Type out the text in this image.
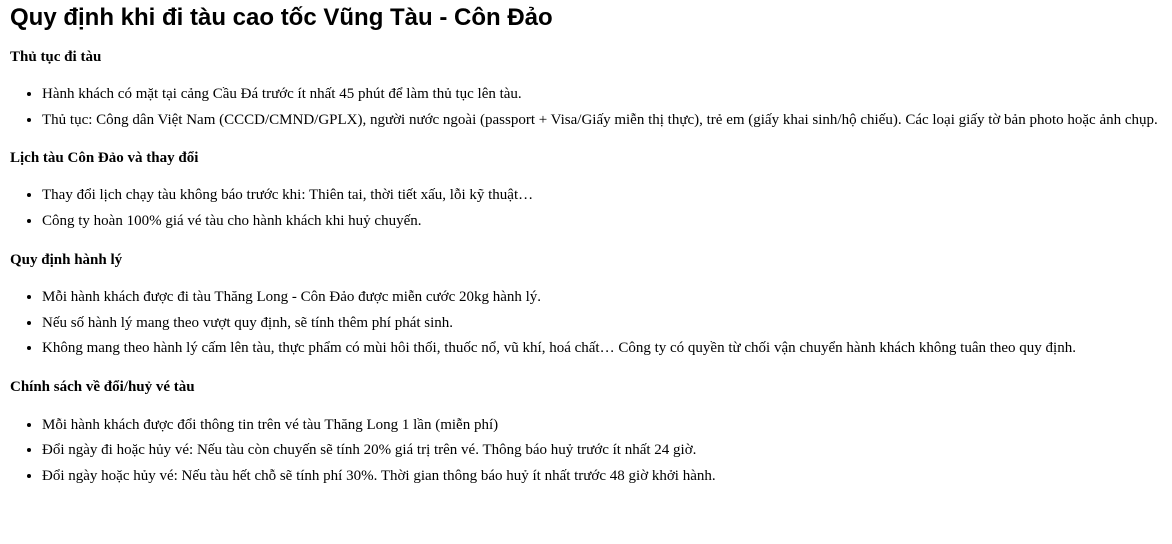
Quy định khi đi tàu cao tốc Vũng Tàu - Côn Đảo
Thủ tục đi tàu
• Hành khách có mặt tại cảng Cầu Đá trước ít nhất 45 phút để làm thủ tục lên tàu.
• Thủ tục: Công dân Việt Nam (CCCD/CMND/GPLX), người nước ngoài (passport + Visa/Giấy miễn thị thực), trẻ em (giấy khai sinh/hộ chiếu). Các loại giấy tờ bản photo hoặc ảnh chụp.
Lịch tàu Côn Đảo và thay đổi
• Thay đổi lịch chạy tàu không báo trước khi: Thiên tai, thời tiết xấu, lỗi kỹ thuật…
• Công ty hoàn 100% giá vé tàu cho hành khách khi huỷ chuyến.
Quy định hành lý
• Mỗi hành khách được đi tàu Thăng Long - Côn Đảo được miễn cước 20kg hành lý.
• Nếu số hành lý mang theo vượt quy định, sẽ tính thêm phí phát sinh.
• Không mang theo hành lý cấm lên tàu, thực phẩm có mùi hôi thối, thuốc nổ, vũ khí, hoá chất… Công ty có quyền từ chối vận chuyển hành khách không tuân theo quy định.
Chính sách về đổi/huỷ vé tàu
• Mỗi hành khách được đổi thông tin trên vé tàu Thăng Long 1 lần (miễn phí)
• Đổi ngày đi hoặc hủy vé: Nếu tàu còn chuyến sẽ tính 20% giá trị trên vé. Thông báo huỷ trước ít nhất 24 giờ.
• Đổi ngày hoặc hủy vé: Nếu tàu hết chỗ sẽ tính phí 30%. Thời gian thông báo huỷ ít nhất trước 48 giờ khởi hành.
